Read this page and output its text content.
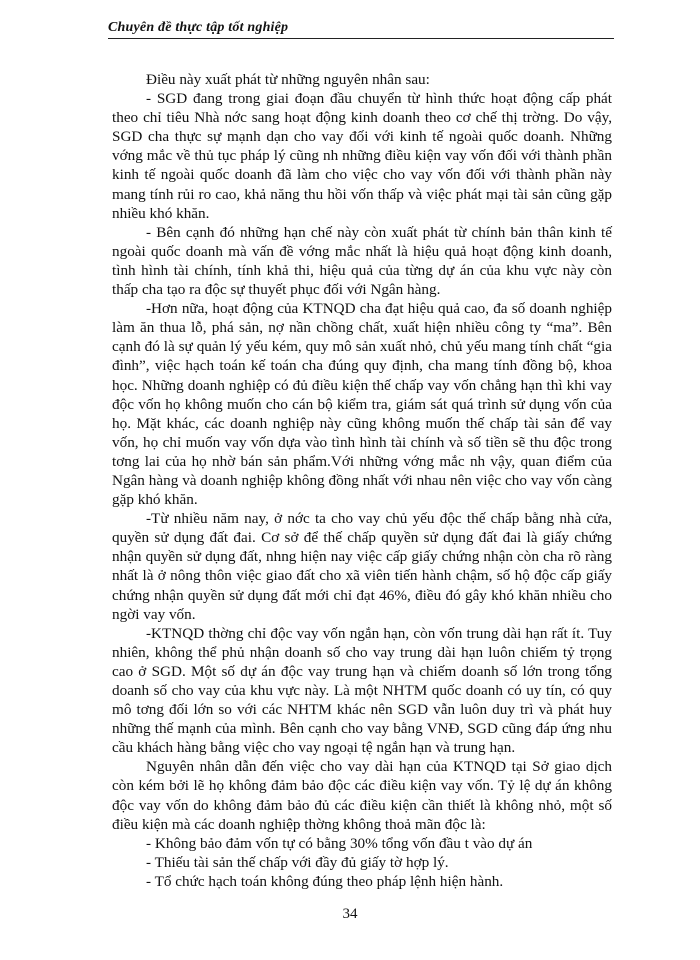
Chuyên đề thực tập tốt nghiệp

Điều này xuất phát từ những nguyên nhân sau:

- SGD đang trong giai đoạn đầu chuyển từ hình thức hoạt động cấp phát theo chỉ tiêu Nhà nớc sang hoạt động kinh doanh theo cơ chế thị trờng. Do vậy, SGD cha thực sự mạnh dạn cho vay đối với kinh tế ngoài quốc doanh. Những vớng mắc về thủ tục pháp lý cũng nh những điều kiện vay vốn đối với thành phần kinh tế ngoài quốc doanh đã làm cho việc cho vay vốn đối với thành phần này mang tính rủi ro cao, khả năng thu hồi vốn thấp và việc phát mại tài sản cũng gặp nhiều khó khăn.

- Bên cạnh đó những hạn chế này còn xuất phát từ chính bản thân kinh tế ngoài quốc doanh mà vấn đề vớng mắc nhất là hiệu quả hoạt động kinh doanh, tình hình tài chính, tính khả thi, hiệu quả của từng dự án của khu vực này còn thấp cha tạo ra độc sự thuyết phục đối với Ngân hàng.

-Hơn nữa, hoạt động của KTNQD cha đạt hiệu quả cao, đa số doanh nghiệp làm ăn thua lỗ, phá sản, nợ nần chồng chất, xuất hiện nhiều công ty “ma”. Bên cạnh đó là sự quản lý yếu kém, quy mô sản xuất nhỏ, chủ yếu mang tính chất “gia đình”, việc hạch toán kế toán cha đúng quy định, cha mang tính đồng bộ, khoa học. Những doanh nghiệp có đủ điều kiện thế chấp vay vốn chẳng hạn thì khi vay độc vốn họ không muốn cho cán bộ kiểm tra, giám sát quá trình sử dụng vốn của họ. Mặt khác, các doanh nghiệp này cũng không muốn thế chấp tài sản để vay vốn, họ chỉ muốn vay vốn dựa vào tình hình tài chính và số tiền sẽ thu độc trong tơng lai của họ nhờ bán sản phẩm.Với những vớng mắc nh vậy, quan điểm của Ngân hàng và doanh nghiệp không đồng nhất với nhau nên việc cho vay vốn càng gặp khó khăn.

-Từ nhiều năm nay, ở nớc ta cho vay chủ yếu độc thế chấp bằng nhà cửa, quyền sử dụng đất đai. Cơ sở để thế chấp quyền sử dụng đất đai là giấy chứng nhận quyền sử dụng đất, nhng hiện nay việc cấp giấy chứng nhận còn cha rõ ràng nhất là ở nông thôn việc giao đất cho xã viên tiến hành chậm, số hộ độc cấp giấy chứng nhận quyền sử dụng đất mới chỉ đạt 46%, điều đó gây khó khăn nhiều cho ngời vay vốn.

-KTNQD thờng chỉ độc vay vốn ngắn hạn, còn vốn trung dài hạn rất ít. Tuy nhiên, không thể phủ nhận doanh số cho vay trung dài hạn luôn chiếm tỷ trọng cao ở SGD. Một số dự án độc vay trung hạn và chiếm doanh số lớn trong tổng doanh số cho vay của khu vực này. Là một NHTM quốc doanh có uy tín, có quy mô tơng đối lớn so với các NHTM khác nên SGD vẫn luôn duy trì và phát huy những thế mạnh của mình. Bên cạnh cho vay bằng VNĐ, SGD cũng đáp ứng nhu cầu khách hàng bằng việc cho vay ngoại tệ ngắn hạn và trung hạn.

Nguyên nhân dẫn đến việc cho vay dài hạn của KTNQD tại Sở giao dịch còn kém bởi lẽ họ không đảm bảo độc các điều kiện vay vốn. Tỷ lệ dự án không độc vay vốn do không đảm bảo đủ các điều kiện cần thiết là không nhỏ, một số điều kiện mà các doanh nghiệp thờng không thoả mãn độc là:

- Không bảo đảm vốn tự có bằng 30% tổng vốn đầu t vào dự án

- Thiếu tài sản thế chấp với đầy đủ giấy tờ hợp lý.

- Tổ chức hạch toán không đúng theo pháp lệnh hiện hành.

34
